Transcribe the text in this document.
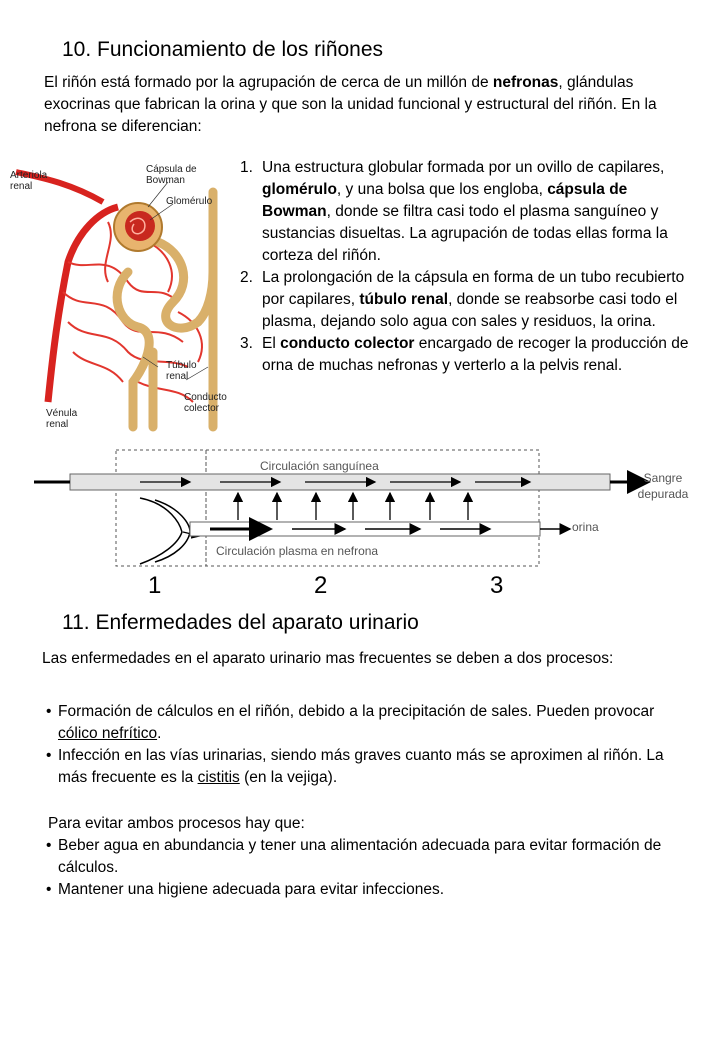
10. Funcionamiento de los riñones
El riñón está formado por la agrupación de cerca de un millón de nefronas, glándulas exocrinas que fabrican la orina y que son la unidad funcional y estructural del riñón. En la nefrona se diferencian:
Arteriola renal
Cápsula de Bowman
Glomérulo
Túbulo renal
Conducto colector
Vénula renal
1. Una estructura globular formada por un ovillo de capilares, glomérulo, y una bolsa que los engloba, cápsula de Bowman, donde se filtra casi todo el plasma sanguíneo y sustancias disueltas. La agrupación de todas ellas forma la corteza del riñón.
2. La prolongación de la cápsula en forma de un tubo recubierto por capilares, túbulo renal, donde se reabsorbe casi todo el plasma, dejando solo agua con sales y residuos, la orina.
3. El conducto colector encargado de recoger la producción de orna de muchas nefronas y verterlo a la pelvis renal.
Circulación sanguínea
Circulación plasma en nefrona
Sangre depurada
orina
1	2	3
11. Enfermedades del aparato urinario
Las enfermedades en el aparato urinario mas frecuentes se deben a dos procesos:
• Formación de cálculos en el riñón, debido a la precipitación de sales. Pueden provocar cólico nefrítico.
• Infección en las vías urinarias, siendo más graves cuanto más se aproximen al riñón. La más frecuente es la cistitis (en la vejiga).
Para evitar ambos procesos hay que:
• Beber agua en abundancia y tener una alimentación adecuada para evitar formación de cálculos.
• Mantener una higiene adecuada para evitar infecciones.
